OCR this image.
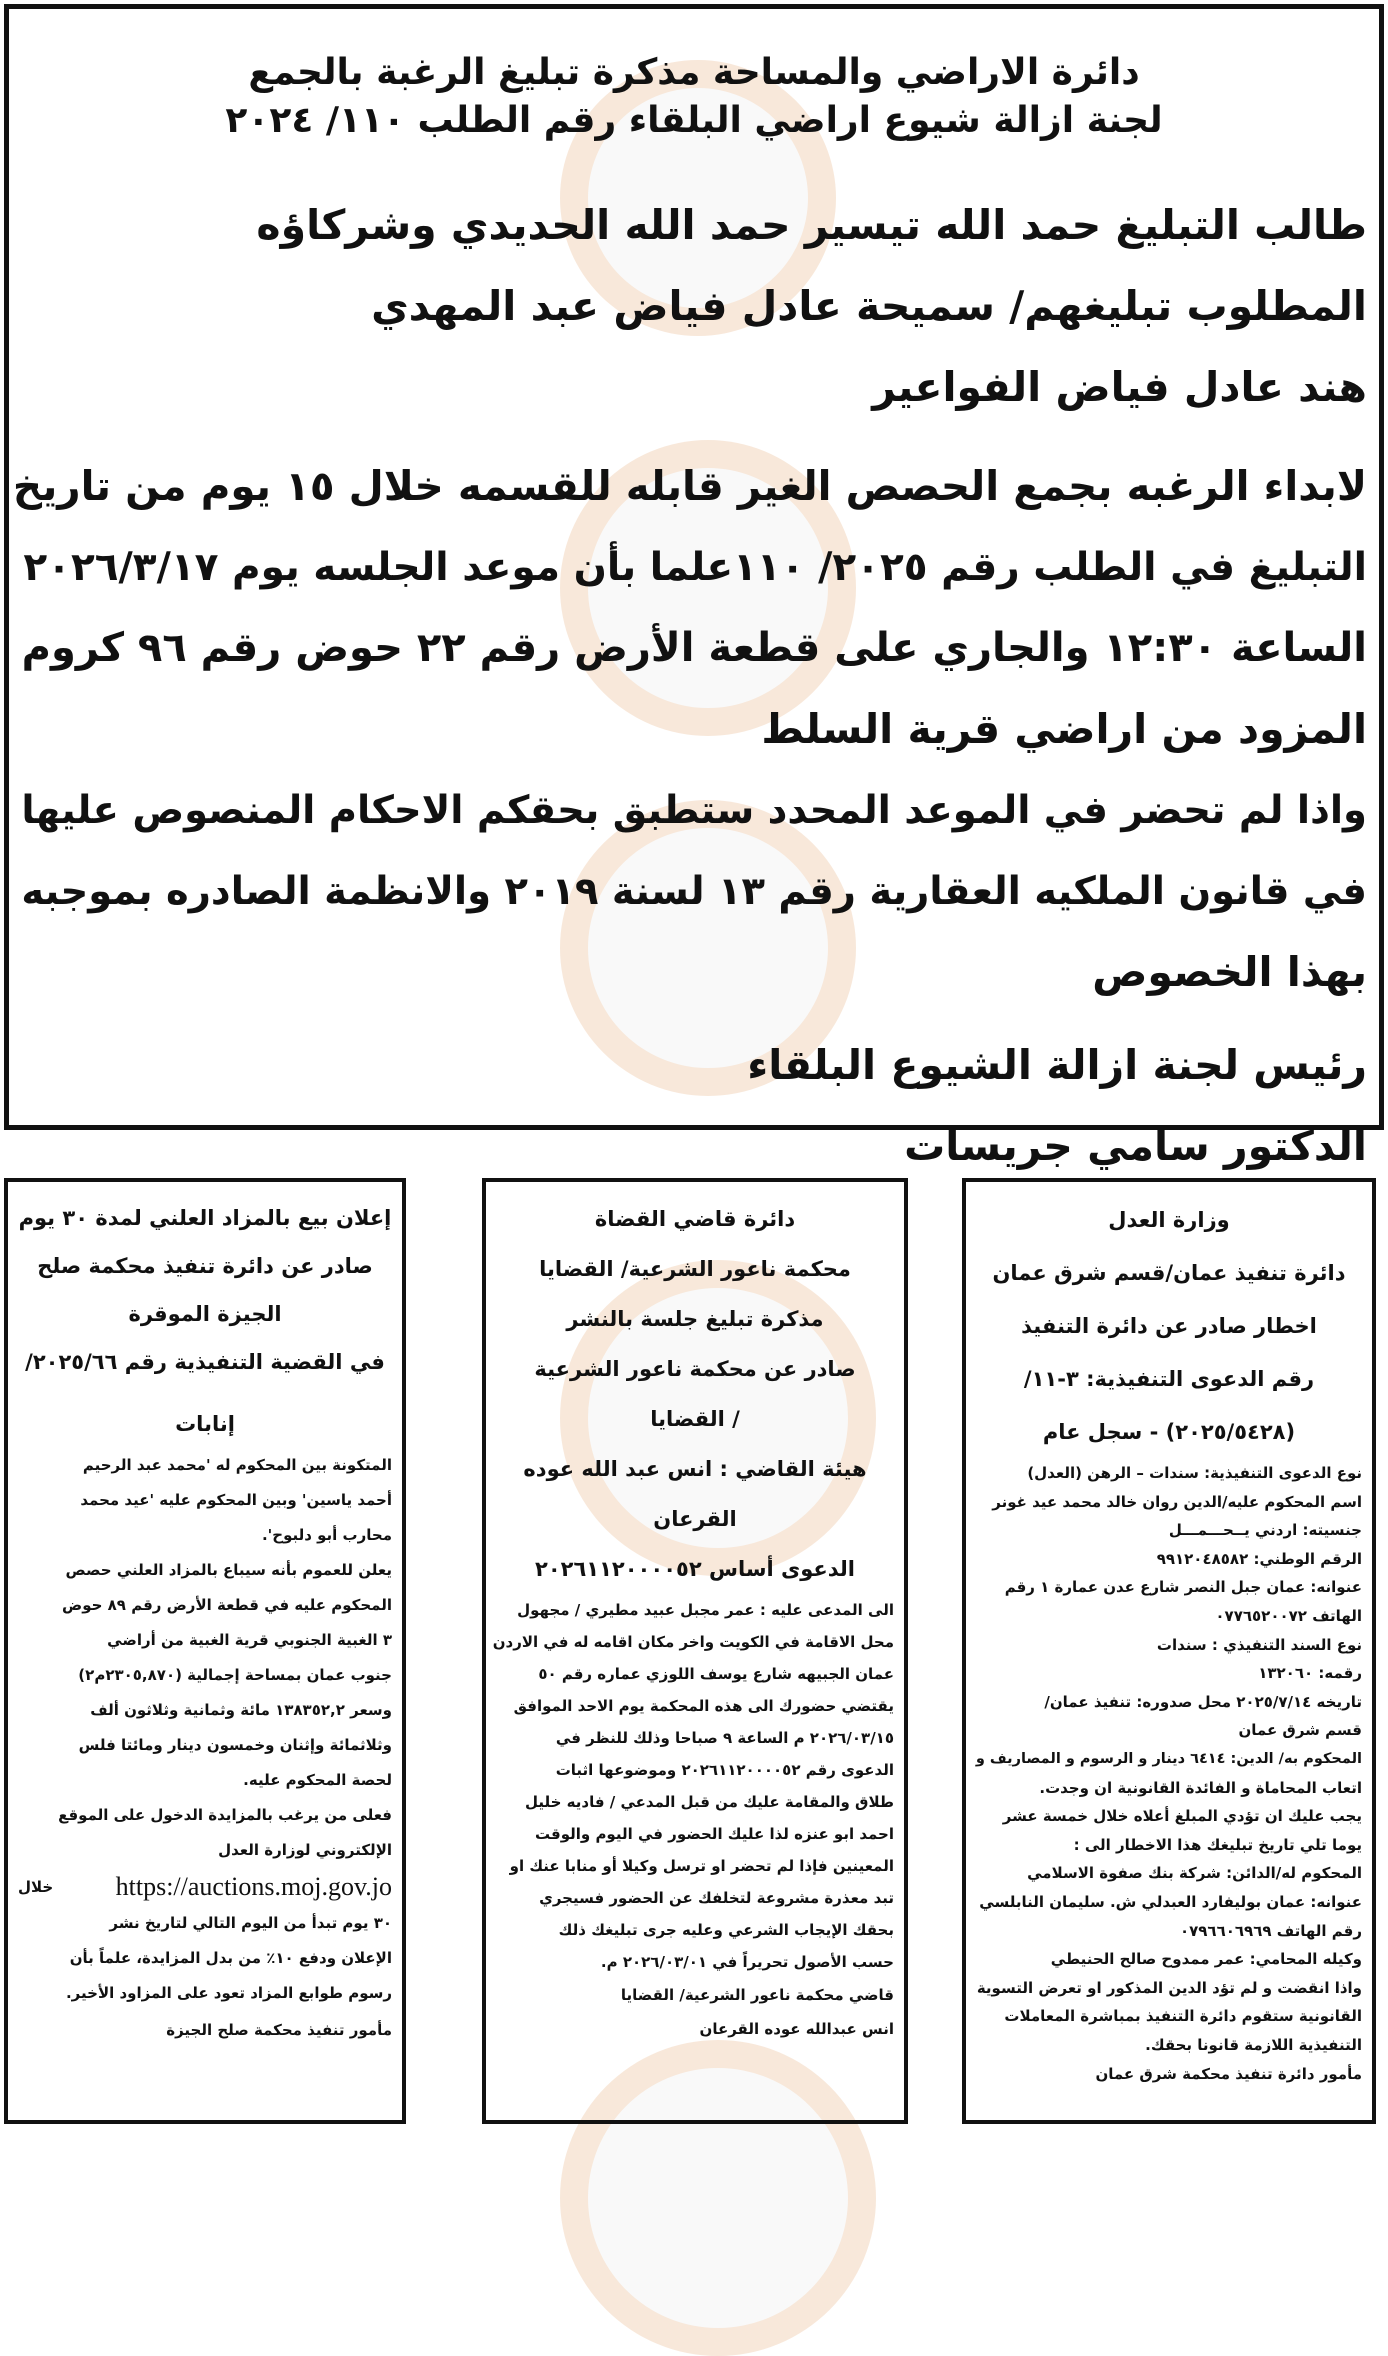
دائرة الاراضي والمساحة مذكرة تبليغ الرغبة بالجمع
لجنة ازالة شيوع اراضي البلقاء رقم الطلب ١١٠/ ٢٠٢٤
طالب التبليغ حمد الله تيسير حمد الله الحديدي وشركاؤه
المطلوب تبليغهم/ سميحة عادل فياض عبد المهدي
هند عادل فياض الفواعير
لابداء الرغبه بجمع الحصص الغير قابله للقسمه خلال ١٥ يوم من تاريخ
التبليغ في الطلب رقم ٢٠٢٥/ ١١٠علما بأن موعد الجلسه يوم ٢٠٢٦/٣/١٧
الساعة ١٢:٣٠ والجاري على قطعة الأرض رقم ٢٢ حوض رقم ٩٦ كروم
المزود من اراضي قرية السلط
واذا لم تحضر في الموعد المحدد ستطبق بحقكم الاحكام المنصوص عليها
في قانون الملكيه العقارية رقم ١٣ لسنة ٢٠١٩ والانظمة الصادره بموجبه
بهذا الخصوص
رئيس لجنة ازالة الشيوع البلقاء
الدكتور سامي جريسات
إعلان بيع بالمزاد العلني لمدة ٣٠ يوم
صادر عن دائرة تنفيذ محكمة صلح
الجيزة الموقرة
في القضية التنفيذية رقم ٢٠٢٥/٦٦/
إنابات
المتكونة بين المحكوم له 'محمد عبد الرحيم
أحمد ياسين' وبين المحكوم عليه 'عيد محمد
محارب أبو دلبوح'.
يعلن للعموم بأنه سيباع بالمزاد العلني حصص
المحكوم عليه في قطعة الأرض رقم ٨٩ حوض
٣ الغبية الجنوبي قرية الغبية من أراضي
جنوب عمان بمساحة إجمالية (٢٣٠٥,٨٧٠م٢)
وسعر ١٣٨٣٥٢,٢ مائة وثمانية وثلاثون ألف
وثلاثمائة وإثنان وخمسون دينار ومائتا فلس
لحصة المحكوم عليه.
فعلى من يرغب بالمزايدة الدخول على الموقع
الإلكتروني لوزارة العدل
https://auctions.moj.gov.jo
خلال
٣٠ يوم تبدأ من اليوم التالي لتاريخ نشر
الإعلان ودفع ١٠٪ من بدل المزايدة، علماً بأن
رسوم طوابع المزاد تعود على المزاود الأخير.
مأمور تنفيذ محكمة صلح الجيزة
دائرة قاضي القضاة
محكمة ناعور الشرعية/ القضايا
مذكرة تبليغ جلسة بالنشر
صادر عن محكمة ناعور الشرعية
/ القضايا
هيئة القاضي : انس عبد الله عوده
القرعان
الدعوى أساس ٢٠٢٦١١٢٠٠٠٠٥٢
الى المدعى عليه : عمر مجبل عبيد مطيري / مجهول
محل الاقامة في الكويت واخر مكان اقامه له في الاردن
عمان الجبيهه شارع يوسف اللوزي عماره رقم ٥٠
يقتضي حضورك الى هذه المحكمة يوم الاحد الموافق
٢٠٢٦/٠٣/١٥ م الساعة ٩ صباحا وذلك للنظر في
الدعوى رقم ٢٠٢٦١١٢٠٠٠٠٥٢ وموضوعها اثبات
طلاق والمقامة عليك من قبل المدعي / فاديه خليل
احمد ابو عنزه لذا عليك الحضور في اليوم والوقت
المعينين فإذا لم تحضر او ترسل وكيلا أو منابا عنك او
تبد معذرة مشروعة لتخلفك عن الحضور فسيجري
بحقك الإيجاب الشرعي وعليه جرى تبليغك ذلك
حسب الأصول تحريراً في ٢٠٢٦/٠٣/٠١ م.
قاضي محكمة ناعور الشرعية/ القضايا
انس عبدالله عوده القرعان
وزارة العدل
دائرة تنفيذ عمان/قسم شرق عمان
اخطار صادر عن دائرة التنفيذ
رقم الدعوى التنفيذية: ٣-١١/
(٢٠٢٥/٥٤٢٨) - سجل عام
نوع الدعوى التنفيذية: سندات – الرهن (العدل)
اسم المحكوم عليه/الدين روان خالد محمد عيد غونر
جنسيته: اردني يــحـــمـــل
الرقم الوطني: ٩٩١٢٠٤٨٥٨٢
عنوانه: عمان جبل النصر شارع عدن عمارة ١ رقم
الهاتف ٠٧٧٦٥٢٠٠٧٢
نوع السند التنفيذي : سندات
رقمه: ١٣٢٠٦٠
تاريخه ٢٠٢٥/٧/١٤ محل صدوره: تنفيذ عمان/
قسم شرق عمان
المحكوم به/ الدين: ٦٤١٤ دينار و الرسوم و المصاريف و
اتعاب المحاماة و الفائدة القانونية ان وجدت.
يجب عليك ان تؤدي المبلغ أعلاه خلال خمسة عشر
يوما تلي تاريخ تبليغك هذا الاخطار الى :
المحكوم له/الدائن: شركة بنك صفوة الاسلامي
عنوانه: عمان بوليفارد العبدلي ش. سليمان النابلسي
رقم الهاتف ٠٧٩٦٦٠٦٩٦٩
وكيله المحامي: عمر ممدوح صالح الحنيطي
واذا انقضت و لم تؤد الدين المذكور او تعرض التسوية
القانونية ستقوم دائرة التنفيذ بمباشرة المعاملات
التنفيذية اللازمة قانونا بحقك.
مأمور دائرة تنفيذ محكمة شرق عمان
